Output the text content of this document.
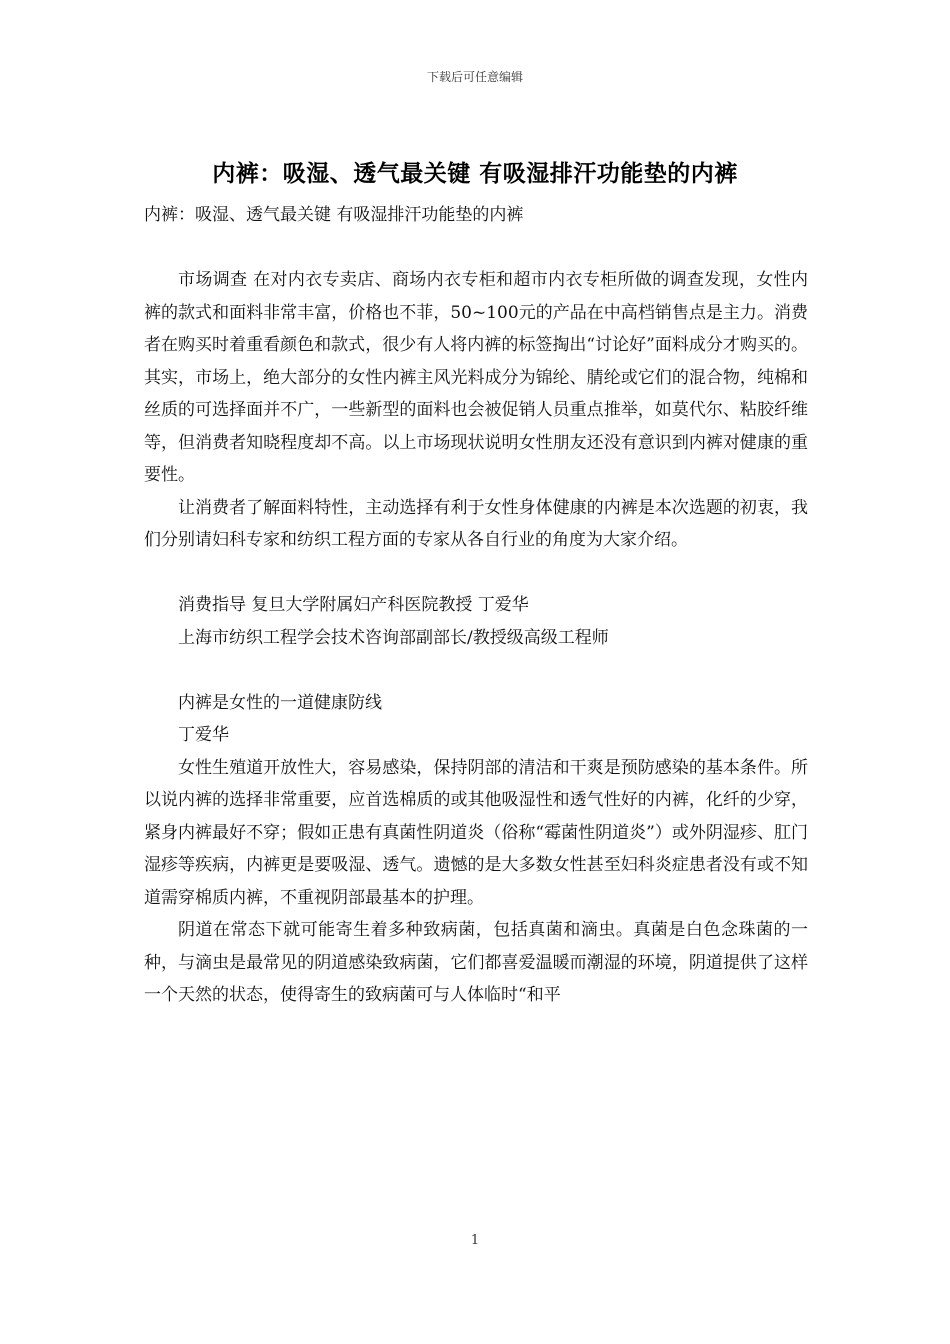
下载后可任意编辑
内裤：吸湿、透气最关键 有吸湿排汗功能垫的内裤

内裤：吸湿、透气最关键 有吸湿排汗功能垫的内裤

市场调查 在对内衣专卖店、商场内衣专柜和超市内衣专柜所做的调查发现，女性内裤的款式和面料非常丰富，价格也不菲，50~100元的产品在中高档销售点是主力。消费者在购买时着重看颜色和款式，很少有人将内裤的标签掏出“讨论好”面料成分才购买的。其实，市场上，绝大部分的女性内裤主风光料成分为锦纶、腈纶或它们的混合物，纯棉和丝质的可选择面并不广，一些新型的面料也会被促销人员重点推举，如莫代尔、粘胶纤维等，但消费者知晓程度却不高。以上市场现状说明女性朋友还没有意识到内裤对健康的重要性。

让消费者了解面料特性，主动选择有利于女性身体健康的内裤是本次选题的初衷，我们分别请妇科专家和纺织工程方面的专家从各自行业的角度为大家介绍。

消费指导 复旦大学附属妇产科医院教授 丁爱华

上海市纺织工程学会技术咨询部副部长/教授级高级工程师

内裤是女性的一道健康防线

丁爱华

女性生殖道开放性大，容易感染，保持阴部的清洁和干爽是预防感染的基本条件。所以说内裤的选择非常重要，应首选棉质的或其他吸湿性和透气性好的内裤，化纤的少穿，紧身内裤最好不穿；假如正患有真菌性阴道炎（俗称“霉菌性阴道炎”）或外阴湿疹、肛门湿疹等疾病，内裤更是要吸湿、透气。遗憾的是大多数女性甚至妇科炎症患者没有或不知道需穿棉质内裤，不重视阴部最基本的护理。

阴道在常态下就可能寄生着多种致病菌，包括真菌和滴虫。真菌是白色念珠菌的一种，与滴虫是最常见的阴道感染致病菌，它们都喜爱温暖而潮湿的环境，阴道提供了这样一个天然的状态，使得寄生的致病菌可与人体临时“和平

1
